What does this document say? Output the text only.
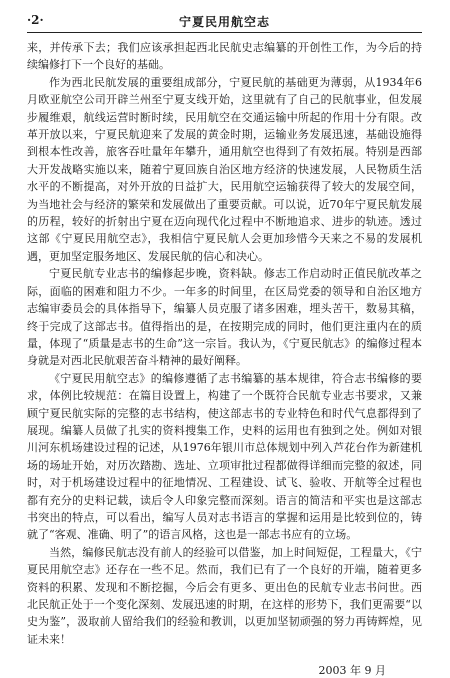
·2·	宁夏民用航空志

来，并传承下去；我们应该承担起西北民航史志编纂的开创性工作，为今后的持续编修打下一个良好的基础。

作为西北民航发展的重要组成部分，宁夏民航的基础更为薄弱，从1934年6月欧亚航空公司开辟兰州至宁夏支线开始，这里就有了自己的民航事业，但发展步履维艰，航线运营时断时续，民用航空在交通运输中所起的作用十分有限。改革开放以来，宁夏民航迎来了发展的黄金时期，运输业务发展迅速，基础设施得到根本性改善，旅客吞吐量年年攀升，通用航空也得到了有效拓展。特别是西部大开发战略实施以来，随着宁夏回族自治区地方经济的快速发展，人民物质生活水平的不断提高，对外开放的日益扩大，民用航空运输获得了较大的发展空间，为当地社会与经济的繁荣和发展做出了重要贡献。可以说，近70年宁夏民航发展的历程，较好的折射出宁夏在迈向现代化过程中不断地追求、进步的轨迹。透过这部《宁夏民用航空志》，我相信宁夏民航人会更加珍惜今天来之不易的发展机遇，更加坚定服务地区、发展民航的信心和决心。

宁夏民航专业志书的编修起步晚，资料缺。修志工作启动时正值民航改革之际，面临的困难和阻力不少。一年多的时间里，在区局党委的领导和自治区地方志编审委员会的具体指导下，编纂人员克服了诸多困难，埋头苦干，数易其稿，终于完成了这部志书。值得指出的是，在按期完成的同时，他们更注重内在的质量，体现了“质量是志书的生命”这一宗旨。我认为，《宁夏民航志》的编修过程本身就是对西北民航艰苦奋斗精神的最好阐释。

《宁夏民用航空志》的编修遵循了志书编纂的基本规律，符合志书编修的要求，体例比较规范：在篇目设置上，构建了一个既符合民航专业志书要求，又兼顾宁夏民航实际的完整的志书结构，使这部志书的专业特色和时代气息都得到了展现。编纂人员做了扎实的资料搜集工作，史料的运用也有独到之处。例如对银川河东机场建设过程的记述，从1976年银川市总体规划中列入芦花台作为新建机场的场址开始，对历次踏勘、选址、立项审批过程都做得详细而完整的叙述，同时，对于机场建设过程中的征地情况、工程建设、试飞、验收、开航等全过程也都有充分的史料记载，读后令人印象完整而深刻。语言的简洁和平实也是这部志书突出的特点，可以看出，编写人员对志书语言的掌握和运用是比较到位的，铸就了“客观、准确、明了”的语言风格，这也是一部志书应有的立场。

当然，编修民航志没有前人的经验可以借鉴，加上时间短促，工程量大，《宁夏民用航空志》还存在一些不足。然而，我们已有了一个良好的开端，随着更多资料的积累、发现和不断挖掘，今后会有更多、更出色的民航专业志书问世。西北民航正处于一个变化深刻、发展迅速的时期，在这样的形势下，我们更需要“以史为鉴”，汲取前人留给我们的经验和教训，以更加坚韧顽强的努力再铸辉煌，见证未来！

2003 年 9 月
